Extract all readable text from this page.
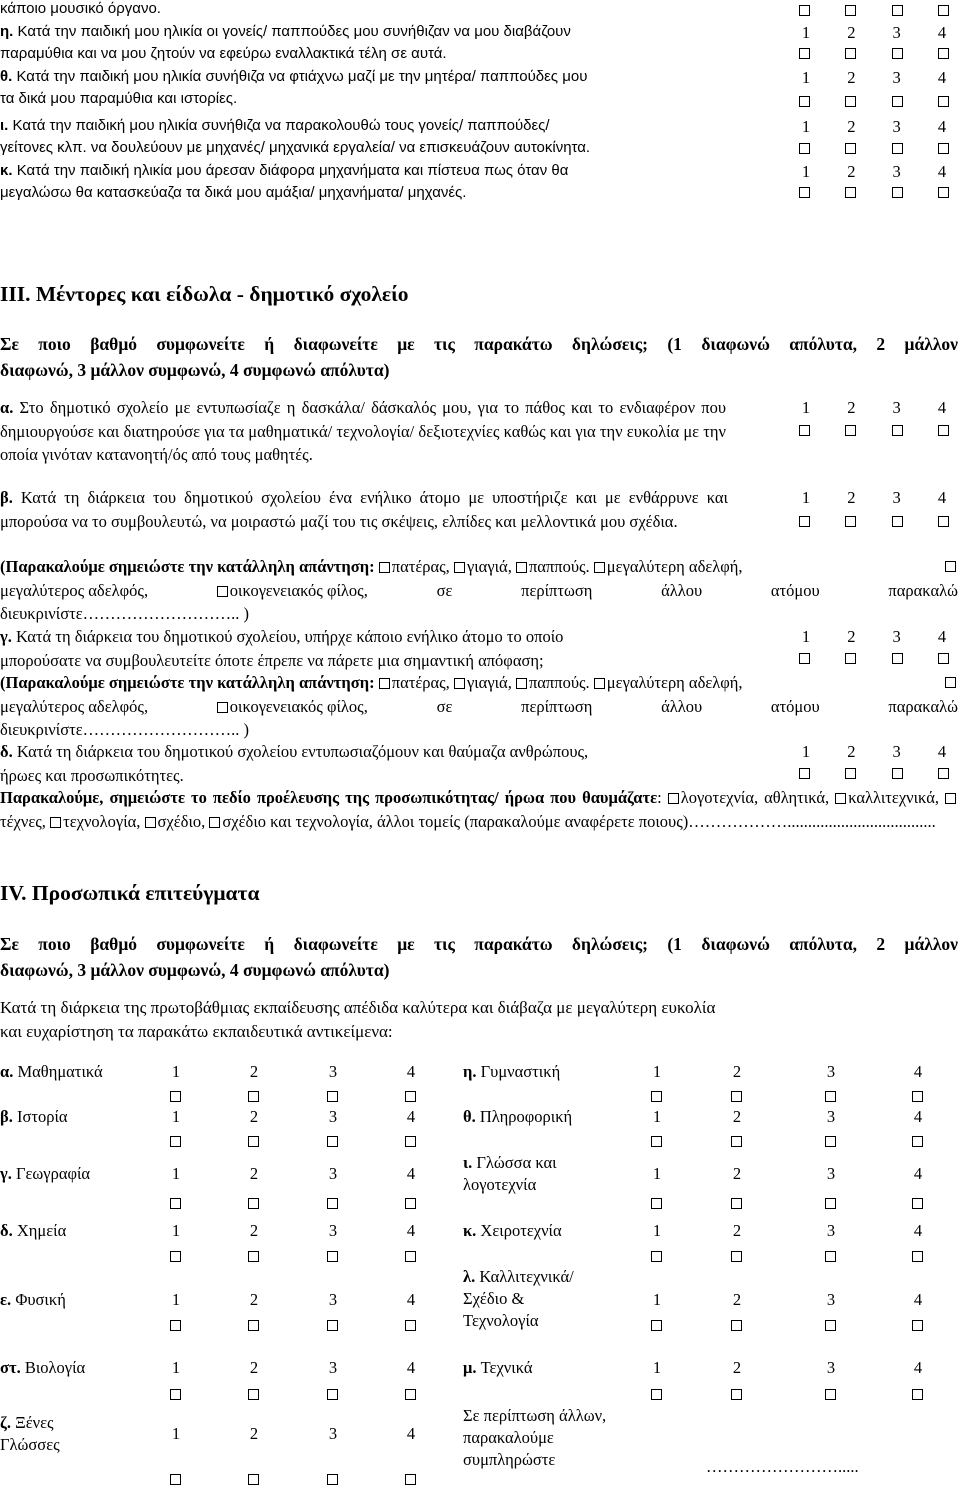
κάποιο μουσικό όργανο.
η. Κατά την παιδική μου ηλικία οι γονείς/ παππούδες μου συνήθιζαν να μου διαβάζουν
παραμύθια και να μου ζητούν να εφεύρω εναλλακτικά τέλη σε αυτά.
1 2 3 4
θ. Κατά την παιδική μου ηλικία συνήθιζα να φτιάχνω μαζί με την μητέρα/ παππούδες μου
τα δικά μου παραμύθια και ιστορίες.
1 2 3 4
ι. Κατά την παιδική μου ηλικία συνήθιζα να παρακολουθώ τους γονείς/ παππούδες/
γείτονες κλπ. να δουλεύουν με μηχανές/ μηχανικά εργαλεία/ να επισκευάζουν αυτοκίνητα.
1 2 3 4
κ. Κατά την παιδική ηλικία μου άρεσαν διάφορα μηχανήματα και πίστευα πως όταν θα
μεγαλώσω θα κατασκεύαζα τα δικά μου αμάξια/ μηχανήματα/ μηχανές.
1 2 3 4
ΙΙΙ. Μέντορες και είδωλα - δημοτικό σχολείο
Σε ποιο βαθμό συμφωνείτε ή διαφωνείτε με τις παρακάτω δηλώσεις; (1 διαφωνώ απόλυτα, 2 μάλλον
διαφωνώ, 3 μάλλον συμφωνώ, 4 συμφωνώ απόλυτα)
α. Στο δημοτικό σχολείο με εντυπωσίαζε η δασκάλα/ δάσκαλός μου, για το πάθος και το ενδιαφέρον που δημιουργούσε και διατηρούσε για τα μαθηματικά/ τεχνολογία/ δεξιοτεχνίες καθώς και για την ευκολία με την οποία γινόταν κατανοητή/ός από τους μαθητές.
1 2 3 4
β. Κατά τη διάρκεια του δημοτικού σχολείου ένα ενήλικο άτομο με υποστήριζε και με ενθάρρυνε και μπορούσα να το συμβουλευτώ, να μοιραστώ μαζί του τις σκέψεις, ελπίδες και μελλοντικά μου σχέδια.
1 2 3 4
(Παρακαλούμε σημειώστε την κατάλληλη απάντηση: πατέρας, γιαγιά, παππούς. μεγαλύτερη αδελφή,
μεγαλύτερος αδελφός,	οικογενειακός φίλος,	σε	περίπτωση	άλλου	ατόμου	παρακαλώ
διευκρινίστε……………………….. )
γ. Κατά τη διάρκεια του δημοτικού σχολείου, υπήρχε κάποιο ενήλικο άτομο το οποίο
μπορούσατε να συμβουλευτείτε όποτε έπρεπε να πάρετε μια σημαντική απόφαση;
1 2 3 4
(Παρακαλούμε σημειώστε την κατάλληλη απάντηση: πατέρας, γιαγιά, παππούς. μεγαλύτερη αδελφή,
μεγαλύτερος αδελφός,	οικογενειακός φίλος,	σε	περίπτωση	άλλου	ατόμου	παρακαλώ
διευκρινίστε……………………….. )
δ. Κατά τη διάρκεια του δημοτικού σχολείου εντυπωσιαζόμουν και θαύμαζα ανθρώπους,
ήρωες και προσωπικότητες.
1 2 3 4
Παρακαλούμε, σημειώστε το πεδίο προέλευσης της προσωπικότητας/ ήρωα που θαυμάζατε: λογοτεχνία, αθλητικά, καλλιτεχνικά, τέχνες, τεχνολογία, σχέδιο, σχέδιο και τεχνολογία, άλλοι τομείς (παρακαλούμε αναφέρετε ποιους)………………....................................
ΙV. Προσωπικά επιτεύγματα
Σε ποιο βαθμό συμφωνείτε ή διαφωνείτε με τις παρακάτω δηλώσεις; (1 διαφωνώ απόλυτα, 2 μάλλον
διαφωνώ, 3 μάλλον συμφωνώ, 4 συμφωνώ απόλυτα)
Κατά τη διάρκεια της πρωτοβάθμιας εκπαίδευσης απέδιδα καλύτερα και διάβαζα με μεγαλύτερη ευκολία
και ευχαρίστηση τα παρακάτω εκπαιδευτικά αντικείμενα:
α. Μαθηματικά	1	2	3	4
β. Ιστορία	1	2	3	4
γ. Γεωγραφία	1	2	3	4
δ. Χημεία	1	2	3	4
ε. Φυσική	1	2	3	4
στ. Βιολογία	1	2	3	4
ζ. Ξένες
Γλώσσες
1	2	3	4
η. Γυμναστική	1	2	3	4
θ. Πληροφορική	1	2	3	4
ι. Γλώσσα και
λογοτεχνία
1	2	3	4
κ. Χειροτεχνία	1	2	3	4
λ. Καλλιτεχνικά/
Σχέδιο &
Τεχνολογία
1	2	3	4
μ. Τεχνικά	1	2	3	4
Σε περίπτωση άλλων,
παρακαλούμε
συμπληρώστε	…………………….....
